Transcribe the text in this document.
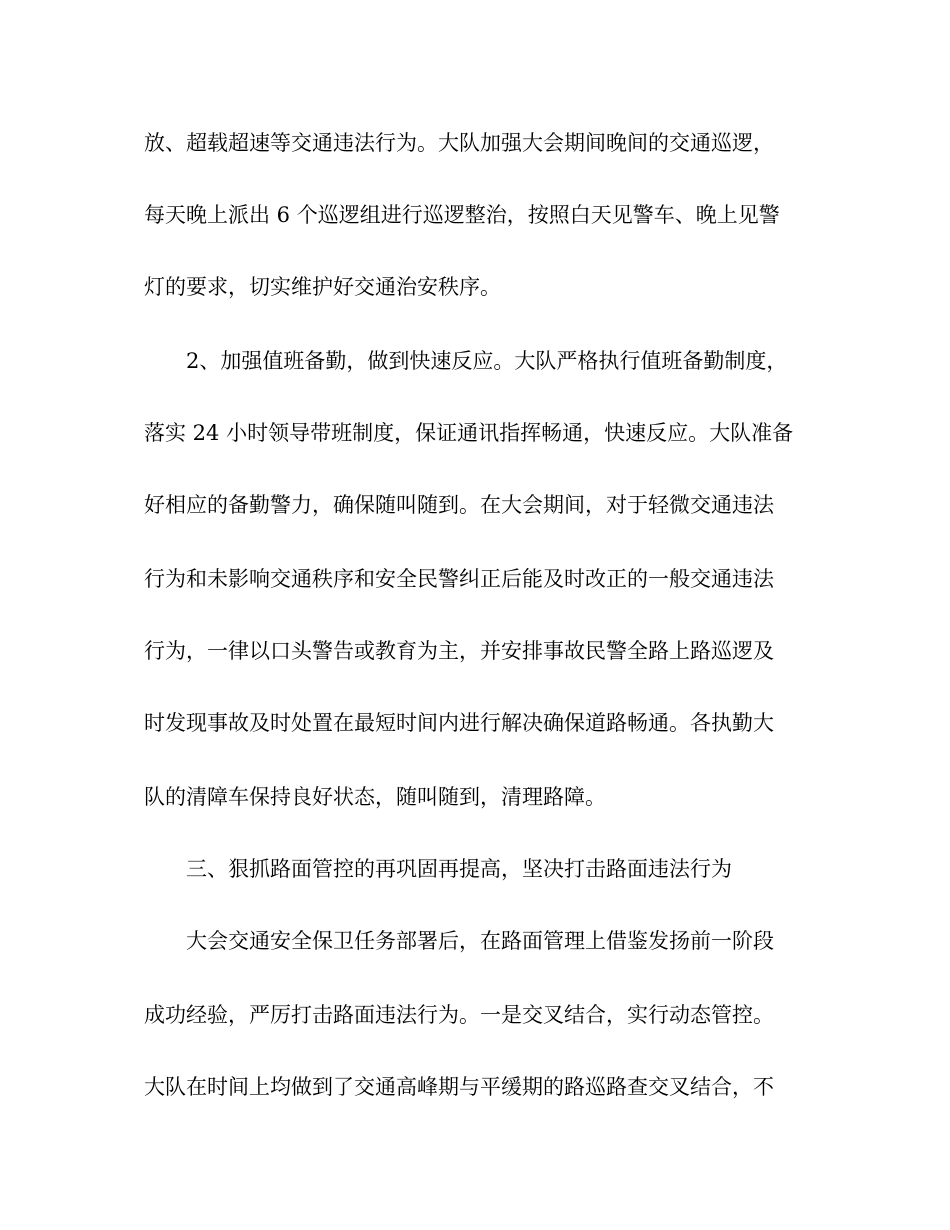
放、超载超速等交通违法行为。大队加强大会期间晚间的交通巡逻，
每天晚上派出 6 个巡逻组进行巡逻整治，按照白天见警车、晚上见警
灯的要求，切实维护好交通治安秩序。
2、加强值班备勤，做到快速反应。大队严格执行值班备勤制度，
落实 24 小时领导带班制度，保证通讯指挥畅通，快速反应。大队准备
好相应的备勤警力，确保随叫随到。在大会期间，对于轻微交通违法
行为和未影响交通秩序和安全民警纠正后能及时改正的一般交通违法
行为，一律以口头警告或教育为主，并安排事故民警全路上路巡逻及
时发现事故及时处置在最短时间内进行解决确保道路畅通。各执勤大
队的清障车保持良好状态，随叫随到，清理路障。
三、狠抓路面管控的再巩固再提高，坚决打击路面违法行为
大会交通安全保卫任务部署后，在路面管理上借鉴发扬前一阶段
成功经验，严厉打击路面违法行为。一是交叉结合，实行动态管控。
大队在时间上均做到了交通高峰期与平缓期的路巡路查交叉结合，不
